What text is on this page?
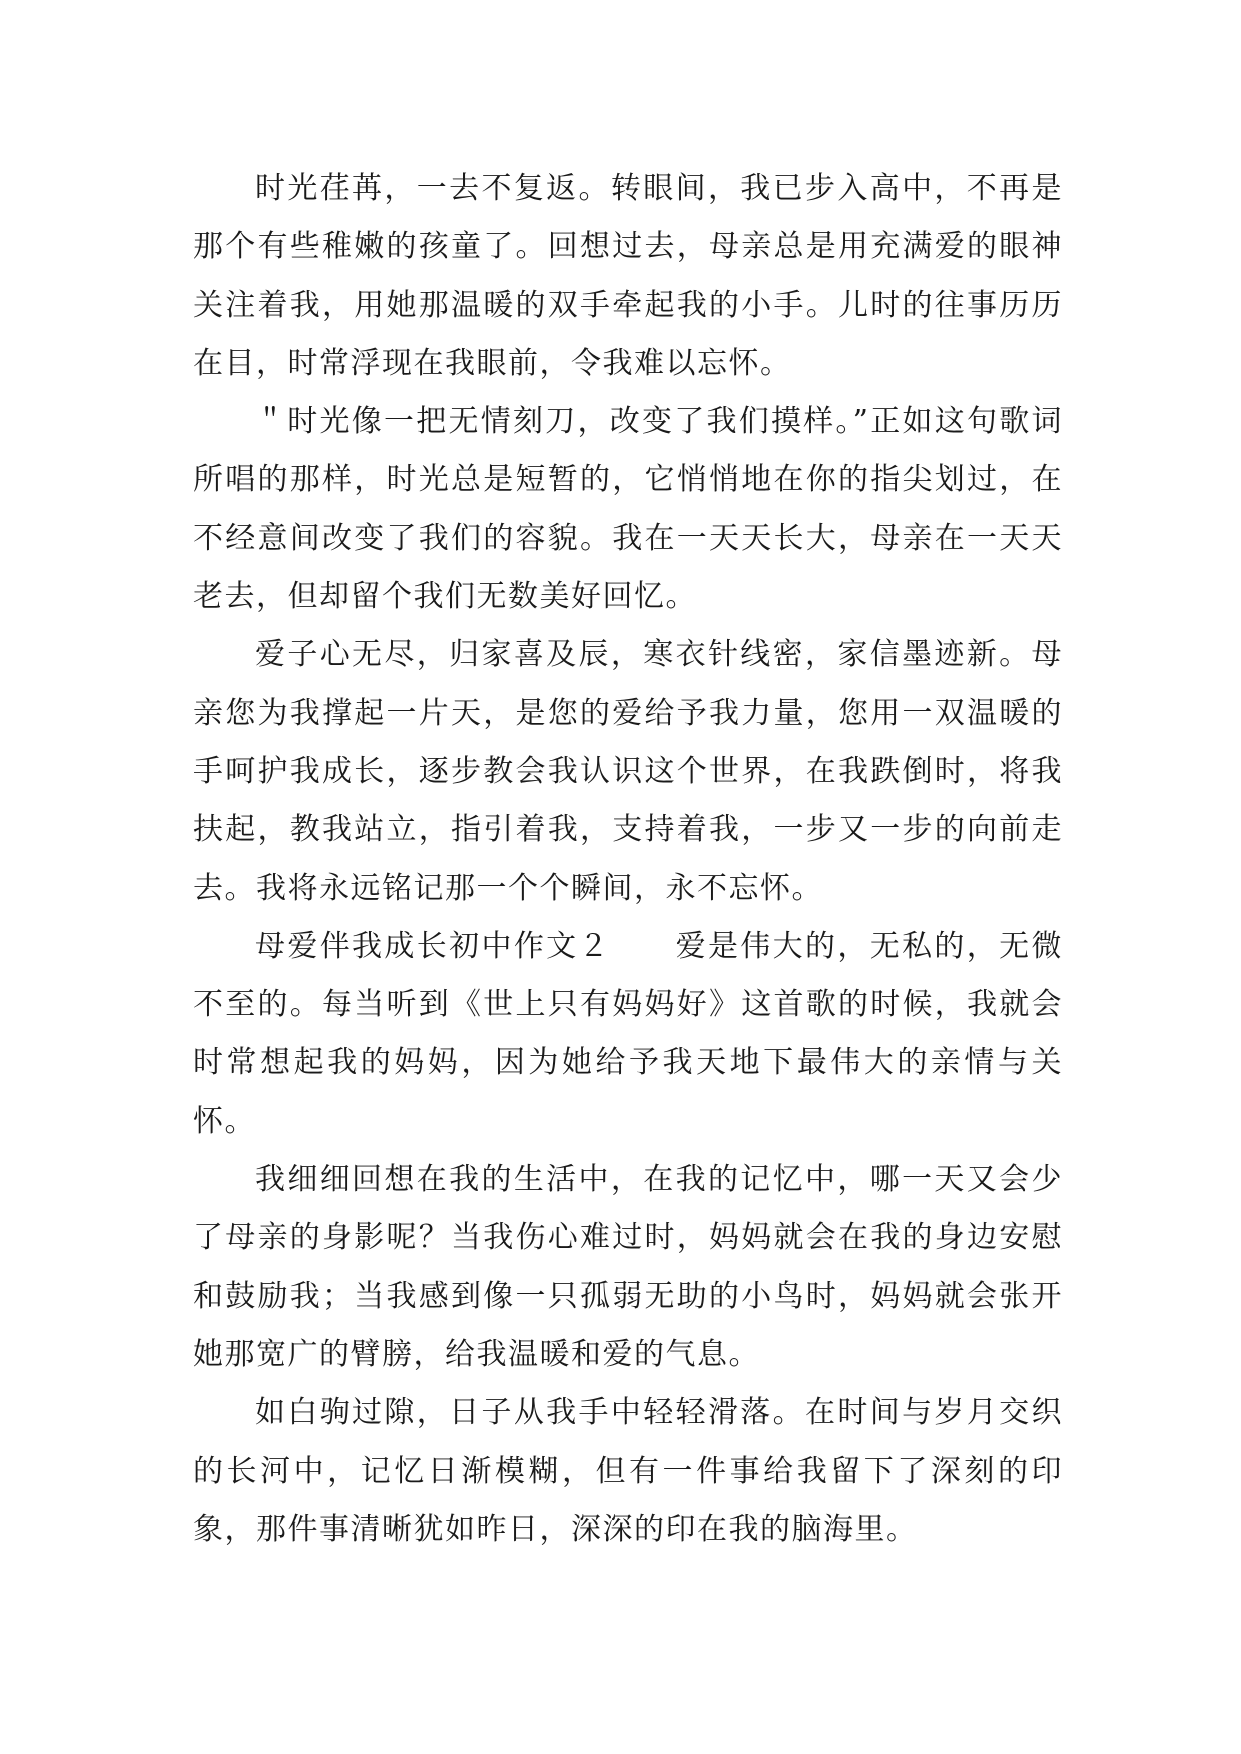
时光荏苒，一去不复返。转眼间，我已步入高中，不再是那个有些稚嫩的孩童了。回想过去，母亲总是用充满爱的眼神关注着我，用她那温暖的双手牵起我的小手。儿时的往事历历在目，时常浮现在我眼前，令我难以忘怀。

＂时光像一把无情刻刀，改变了我们摸样。”正如这句歌词所唱的那样，时光总是短暂的，它悄悄地在你的指尖划过，在不经意间改变了我们的容貌。我在一天天长大，母亲在一天天老去，但却留个我们无数美好回忆。

爱子心无尽，归家喜及辰，寒衣针线密，家信墨迹新。母亲您为我撑起一片天，是您的爱给予我力量，您用一双温暖的手呵护我成长，逐步教会我认识这个世界，在我跌倒时，将我扶起，教我站立，指引着我，支持着我，一步又一步的向前走去。我将永远铭记那一个个瞬间，永不忘怀。

母爱伴我成长初中作文２　　爱是伟大的，无私的，无微不至的。每当听到《世上只有妈妈好》这首歌的时候，我就会时常想起我的妈妈，因为她给予我天地下最伟大的亲情与关怀。

我细细回想在我的生活中，在我的记忆中，哪一天又会少了母亲的身影呢？当我伤心难过时，妈妈就会在我的身边安慰和鼓励我；当我感到像一只孤弱无助的小鸟时，妈妈就会张开她那宽广的臂膀，给我温暖和爱的气息。

如白驹过隙，日子从我手中轻轻滑落。在时间与岁月交织的长河中，记忆日渐模糊，但有一件事给我留下了深刻的印象，那件事清晰犹如昨日，深深的印在我的脑海里。
